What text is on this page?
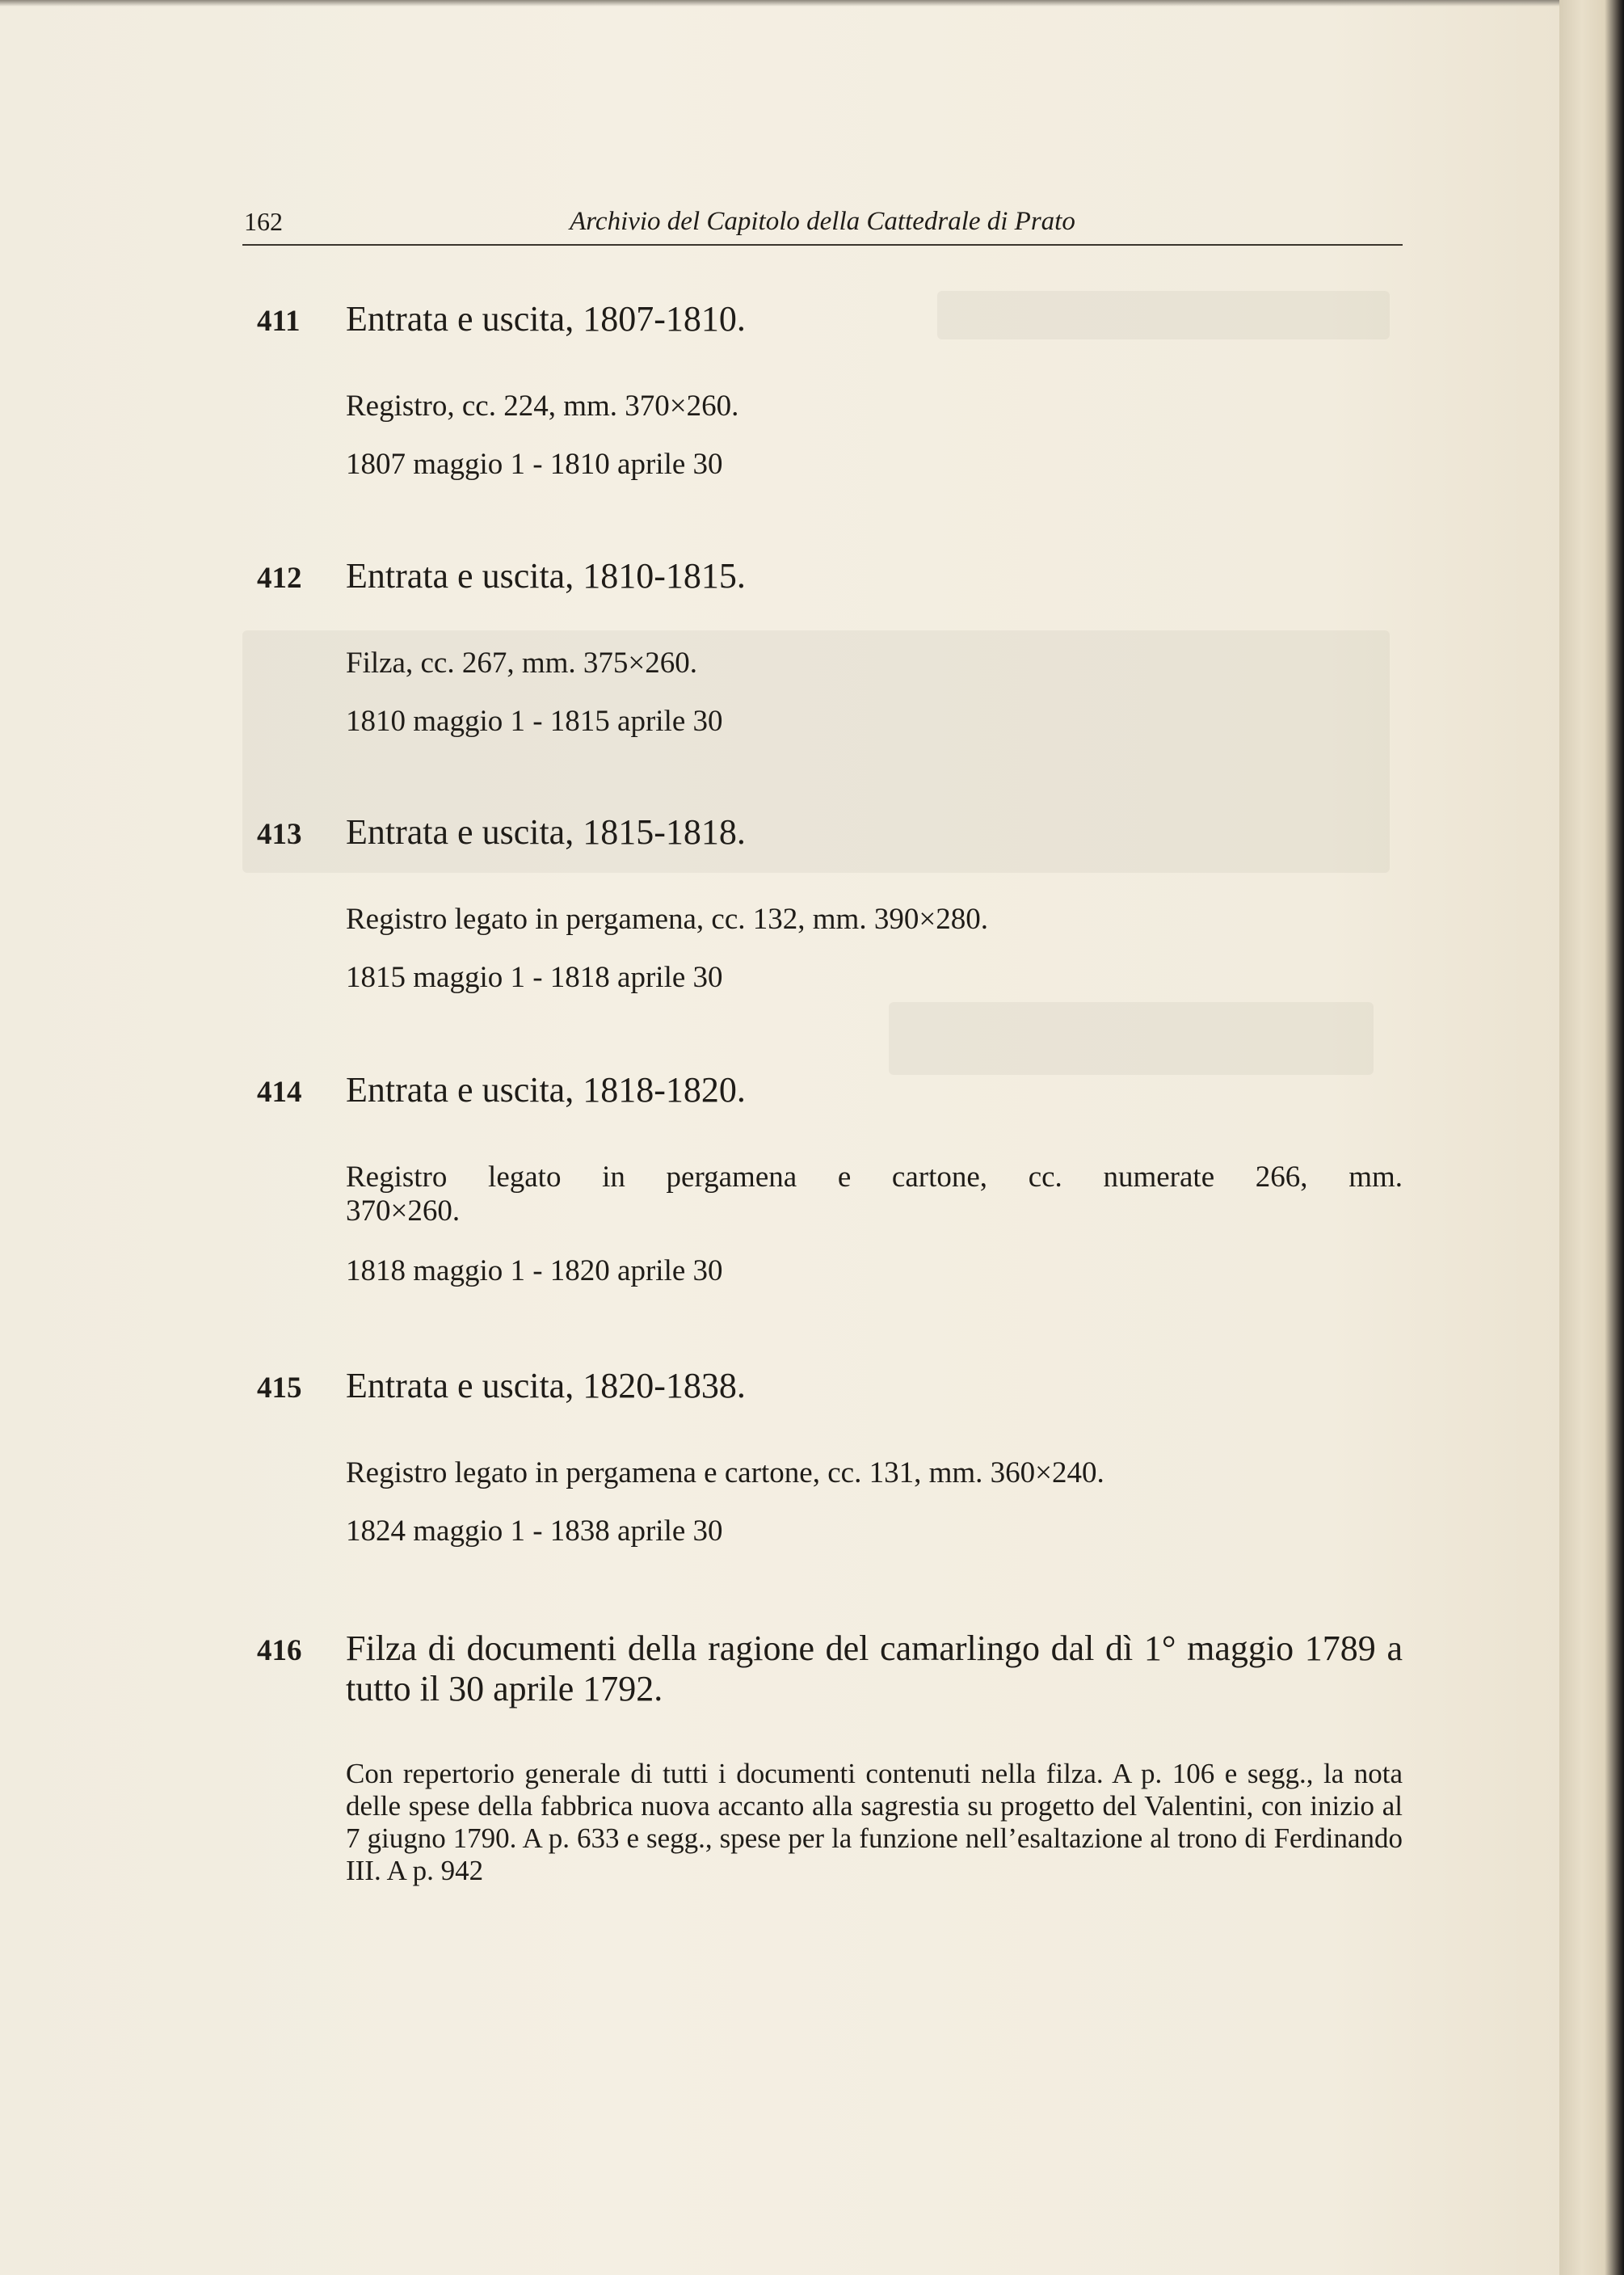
162	Archivio del Capitolo della Cattedrale di Prato
411 Entrata e uscita, 1807-1810.
Registro, cc. 224, mm. 370×260.
1807 maggio 1 - 1810 aprile 30
412 Entrata e uscita, 1810-1815.
Filza, cc. 267, mm. 375×260.
1810 maggio 1 - 1815 aprile 30
413 Entrata e uscita, 1815-1818.
Registro legato in pergamena, cc. 132, mm. 390×280.
1815 maggio 1 - 1818 aprile 30
414 Entrata e uscita, 1818-1820.
Registro legato in pergamena e cartone, cc. numerate 266, mm. 370×260.
1818 maggio 1 - 1820 aprile 30
415 Entrata e uscita, 1820-1838.
Registro legato in pergamena e cartone, cc. 131, mm. 360×240.
1824 maggio 1 - 1838 aprile 30
416 Filza di documenti della ragione del camarlingo dal dì 1° maggio 1789 a tutto il 30 aprile 1792.
Con repertorio generale di tutti i documenti contenuti nella filza. A p. 106 e segg., la nota delle spese della fabbrica nuova accanto alla sagrestia su progetto del Valentini, con inizio al 7 giugno 1790. A p. 633 e segg., spese per la funzione nell’esaltazione al trono di Ferdinando III. A p. 942
